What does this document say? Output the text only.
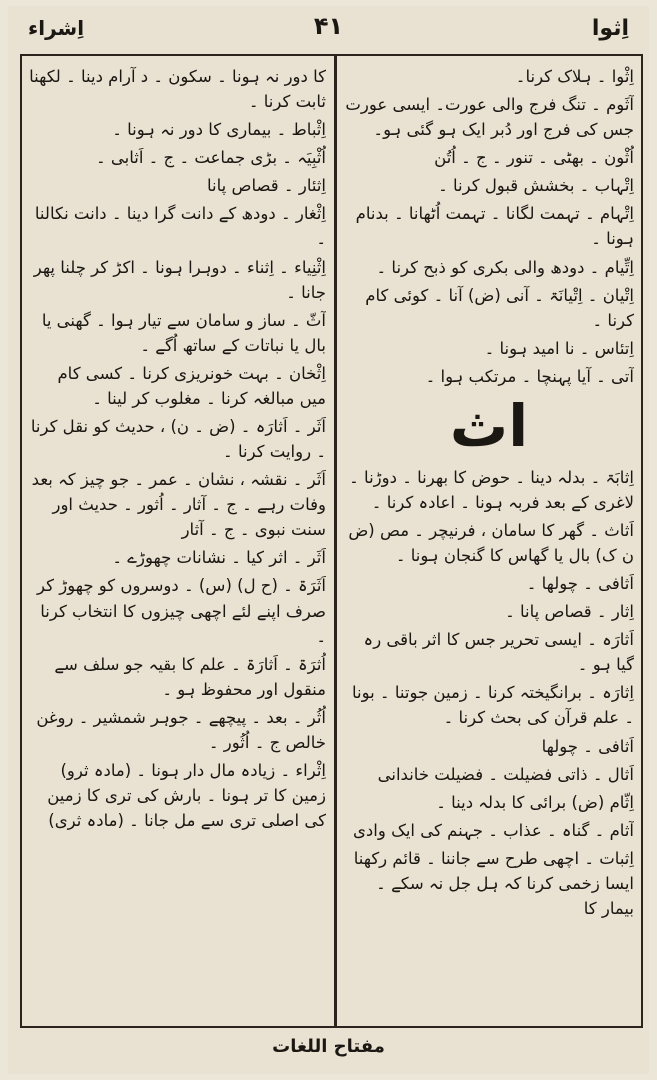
اِثوا
۴۱
اِشراء
اِثْوا ۔ ہلاک کرنا۔
آثَوم ۔ تنگ فرج والی عورت۔ ایسی عورت جس کی فرج اور دُبر ایک ہو گئی ہو۔
اُثْون ۔ بھٹی ۔ تنور ۔ ج ۔ اُتُن
اِتْہاب ۔ بخشش قبول کرنا ۔
اِتْہام ۔ تہمت لگانا ۔ تہمت اُٹھانا ۔ بدنام ہونا ۔
اِتِّیام ۔ دودھ والی بکری کو ذبح کرنا ۔
اِتْیان ۔ اِتْیانَۃ ۔ آنی (ض) آنا ۔ کوئی کام کرنا ۔
اِتئاس ۔ نا امید ہونا ۔
آتی ۔ آیا پہنچا ۔ مرتکب ہوا ۔
اث
اِثابَۃ ۔ بدلہ دینا ۔ حوض کا بھرنا ۔ دوڑنا ۔ لاغری کے بعد فربہ ہونا ۔ اعادہ کرنا ۔
اَثاث ۔ گھر کا سامان ، فرنیچر ۔ مص (ض ن ک) بال یا گھاس کا گنجان ہونا ۔
اَثافی ۔ چولھا ۔
اِثار ۔ قصاص پانا ۔
اَثارَہ ۔ ایسی تحریر جس کا اثر باقی رہ گیا ہو ۔
اِثارَہ ۔ برانگیختہ کرنا ۔ زمین جوتنا ۔ بونا ۔ علم قرآن کی بحث کرنا ۔
اَثافی ۔ چولھا
اَثال ۔ ذاتی فضیلت ۔ فضیلت خاندانی
اِثّام (ض) برائی کا بدلہ دینا ۔
آثام ۔ گناہ ۔ عذاب ۔ جہنم کی ایک وادی
اِثبات ۔ اچھی طرح سے جاننا ۔ قائم رکھنا ایسا زخمی کرنا کہ ہل جل نہ سکے ۔ بیمار کا
کا دور نہ ہونا ۔ سکون ۔ د آرام دینا ۔ لکھنا ثابت کرنا ۔
اِثْباط ۔ بیماری کا دور نہ ہونا ۔
اُثْبِیَہ ۔ بڑی جماعت ۔ ج ۔ اَثابی ۔
اِثئار ۔ قصاص پانا
اِثْغار ۔ دودھ کے دانت گرا دینا ۔ دانت نکالنا ۔
اِثْنِیاء ۔ اِثناء ۔ دوہرا ہونا ۔ اکڑ کر چلنا پھر جانا ۔
آثّ ۔ ساز و سامان سے تیار ہوا ۔ گھنی یا بال یا نباتات کے ساتھ اُگے ۔
اِثْخان ۔ بہت خونریزی کرنا ۔ کسی کام میں مبالغہ کرنا ۔ مغلوب کر لینا ۔
اَثَر ۔ اَثارَہ ۔ (ض ۔ ن) ، حدیث کو نقل کرنا ۔ روایت کرنا ۔
اَثَر ۔ نقشہ ، نشان ۔ عمر ۔ جو چیز کہ بعد وفات رہے ۔ ج ۔ آثار ۔ اُثور ۔ حدیث اور سنت نبوی ۔ ج ۔ آثار
اَثَر ۔ اثر کیا ۔ نشانات چھوڑے ۔
اَثَرَۃ ۔ (ح ل) (س) ۔ دوسروں کو چھوڑ کر صرف اپنے لئے اچھی چیزوں کا انتخاب کرنا ۔
اُثرَۃ ۔ اَثارَۃ ۔ علم کا بقیہ جو سلف سے منقول اور محفوظ ہو ۔
اُثُر ۔ بعد ۔ پیچھے ۔ جوہر شمشیر ۔ روغن خالص ج ۔ اُثُور ۔
اِثْراء ۔ زیادہ مال دار ہونا ۔ (مادہ ثرو) زمین کا تر ہونا ۔ بارش کی تری کا زمین کی اصلی تری سے مل جانا ۔ (مادہ ثری)
مفتاح اللغات
